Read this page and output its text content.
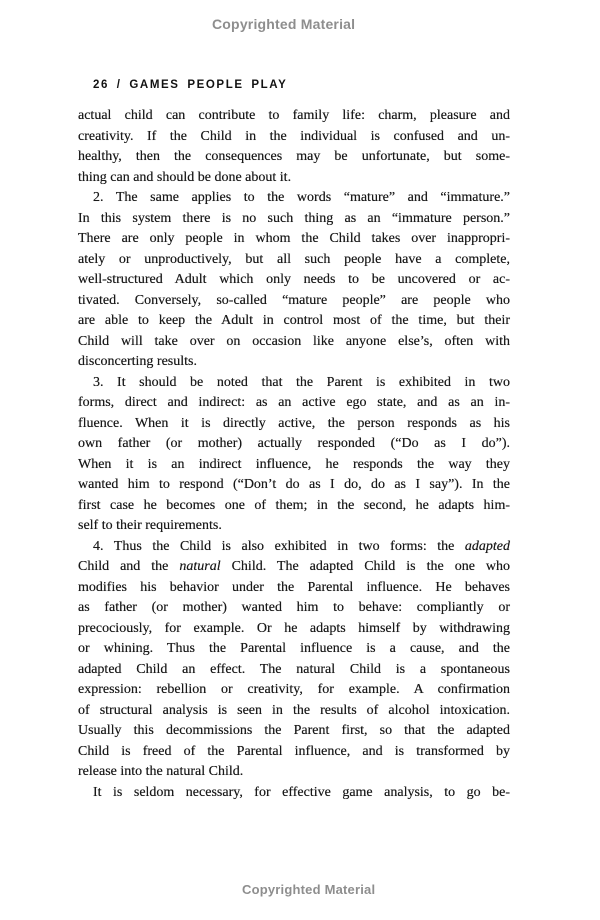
Copyrighted Material
26 / GAMES PEOPLE PLAY
actual child can contribute to family life: charm, pleasure and
creativity. If the Child in the individual is confused and un-
healthy, then the consequences may be unfortunate, but some-
thing can and should be done about it.
2. The same applies to the words “mature” and “immature.”
In this system there is no such thing as an “immature person.”
There are only people in whom the Child takes over inappropri-
ately or unproductively, but all such people have a complete,
well-structured Adult which only needs to be uncovered or ac-
tivated. Conversely, so-called “mature people” are people who
are able to keep the Adult in control most of the time, but their
Child will take over on occasion like anyone else’s, often with
disconcerting results.
3. It should be noted that the Parent is exhibited in two
forms, direct and indirect: as an active ego state, and as an in-
fluence. When it is directly active, the person responds as his
own father (or mother) actually responded (“Do as I do”).
When it is an indirect influence, he responds the way they
wanted him to respond (“Don’t do as I do, do as I say”). In the
first case he becomes one of them; in the second, he adapts him-
self to their requirements.
4. Thus the Child is also exhibited in two forms: the adapted
Child and the natural Child. The adapted Child is the one who
modifies his behavior under the Parental influence. He behaves
as father (or mother) wanted him to behave: compliantly or
precociously, for example. Or he adapts himself by withdrawing
or whining. Thus the Parental influence is a cause, and the
adapted Child an effect. The natural Child is a spontaneous
expression: rebellion or creativity, for example. A confirmation
of structural analysis is seen in the results of alcohol intoxication.
Usually this decommissions the Parent first, so that the adapted
Child is freed of the Parental influence, and is transformed by
release into the natural Child.
It is seldom necessary, for effective game analysis, to go be-
Copyrighted Material
